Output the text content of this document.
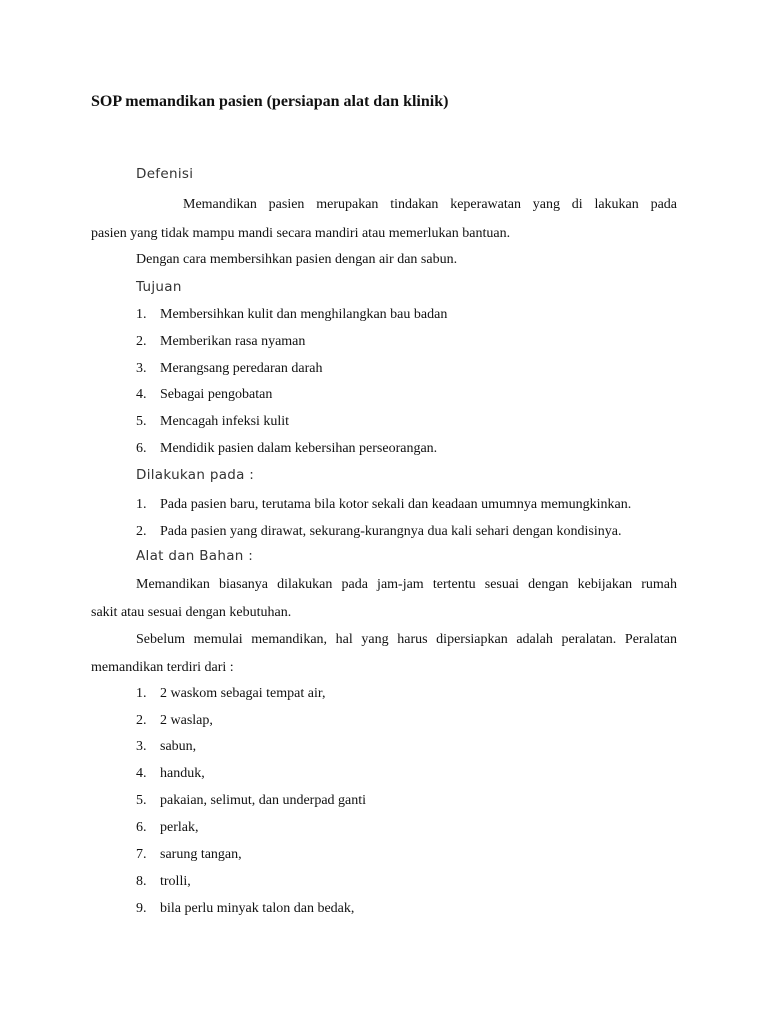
SOP memandikan pasien (persiapan alat dan klinik)
Defenisi
Memandikan pasien merupakan tindakan keperawatan yang di lakukan pada
pasien yang tidak mampu mandi secara mandiri atau memerlukan bantuan.
Dengan cara membersihkan pasien dengan air dan sabun.
Tujuan
1. Membersihkan kulit dan menghilangkan bau badan
2. Memberikan rasa nyaman
3. Merangsang peredaran darah
4. Sebagai pengobatan
5. Mencagah infeksi kulit
6. Mendidik pasien dalam kebersihan perseorangan.
Dilakukan pada :
1. Pada pasien baru, terutama bila kotor sekali dan keadaan umumnya memungkinkan.
2. Pada pasien yang dirawat, sekurang-kurangnya dua kali sehari dengan kondisinya.
Alat dan Bahan :
Memandikan biasanya dilakukan pada jam-jam tertentu sesuai dengan kebijakan rumah
sakit atau sesuai dengan kebutuhan.
Sebelum memulai memandikan, hal yang harus dipersiapkan adalah peralatan. Peralatan
memandikan terdiri dari :
1. 2 waskom sebagai tempat air,
2. 2 waslap,
3. sabun,
4. handuk,
5. pakaian, selimut, dan underpad ganti
6. perlak,
7. sarung tangan,
8. trolli,
9. bila perlu minyak talon dan bedak,
